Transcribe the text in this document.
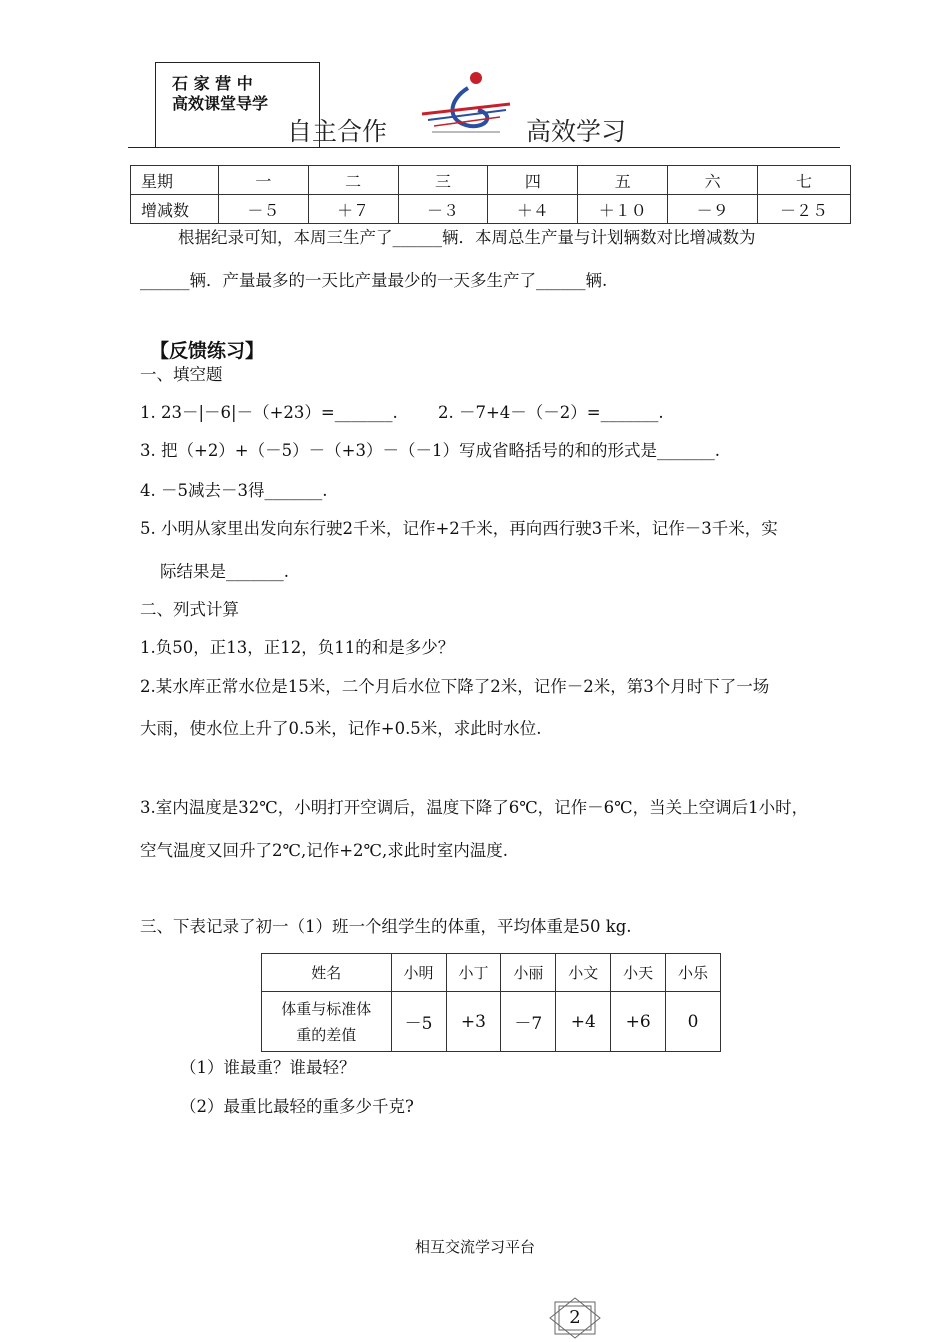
石 家 营 中
高效课堂导学
自主合作	高效学习
星期	一	二	三	四	五	六	七
增减数	－５	＋７	－３	＋４	＋１０	－９	－２５
根据纪录可知，本周三生产了______辆．本周总生产量与计划辆数对比增减数为
______辆．产量最多的一天比产量最少的一天多生产了______辆.
【反馈练习】
一、填空题
1. 23－|－6|－（+23）=_______. 2. －7+4－（－2）=_______.
3. 把（+2）+（－5）－（+3）－（－1）写成省略括号的和的形式是_______.
4. －5减去－3得_______.
5. 小明从家里出发向东行驶2千米，记作+2千米，再向西行驶3千米，记作－3千米，实
际结果是_______.
二、列式计算
1.负50，正13，正12，负11的和是多少？
2.某水库正常水位是15米，二个月后水位下降了2米，记作－2米，第3个月时下了一场
大雨，使水位上升了0.5米，记作+0.5米，求此时水位.
3.室内温度是32℃，小明打开空调后，温度下降了6℃，记作－6℃，当关上空调后1小时，
空气温度又回升了2℃,记作+2℃,求此时室内温度.
三、下表记录了初一（1）班一个组学生的体重，平均体重是50 kg.
姓名	小明	小丁	小丽	小文	小天	小乐

体重与标准体
重的差值	－5	+3	－7	+4	+6	0
（1）谁最重？谁最轻？
（2）最重比最轻的重多少千克?
相互交流学习平台
2
